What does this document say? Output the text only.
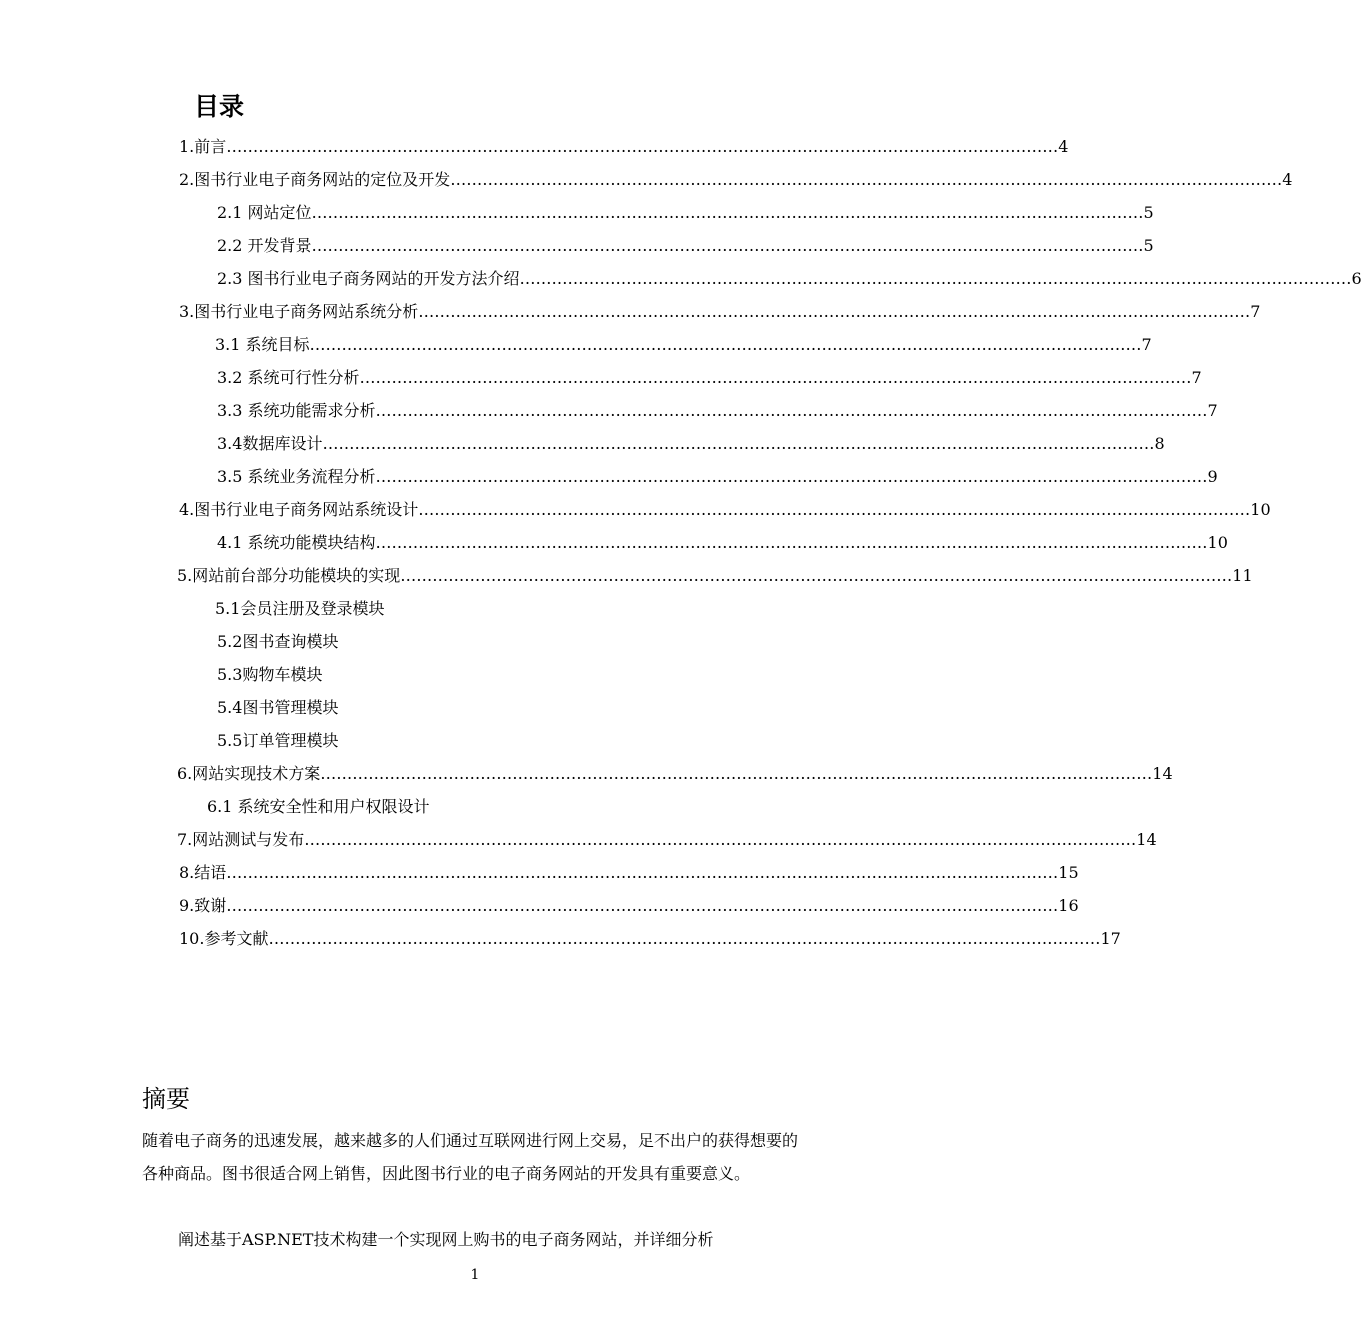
目录
1.前言 ………………………………………………………………………………………………………………………………………… 4
2.图书行业电子商务网站的定位及开发 ………………………………………………………………………………………………………………………………………… 4
2.1 网站定位 ………………………………………………………………………………………………………………………………………… 5
2.2 开发背景 ………………………………………………………………………………………………………………………………………… 5
2.3 图书行业电子商务网站的开发方法介绍 ………………………………………………………………………………………………………………………………………… 6
3.图书行业电子商务网站系统分析 ………………………………………………………………………………………………………………………………………… 7
3.1 系统目标 ………………………………………………………………………………………………………………………………………… 7
3.2 系统可行性分析 ………………………………………………………………………………………………………………………………………… 7
3.3 系统功能需求分析 ………………………………………………………………………………………………………………………………………… 7
3.4数据库设计 ………………………………………………………………………………………………………………………………………… 8
3.5 系统业务流程分析 ………………………………………………………………………………………………………………………………………… 9
4.图书行业电子商务网站系统设计 ………………………………………………………………………………………………………………………………………… 10
4.1 系统功能模块结构 ………………………………………………………………………………………………………………………………………… 10
5.网站前台部分功能模块的实现 ………………………………………………………………………………………………………………………………………… 11
5.1会员注册及登录模块
5.2图书查询模块
5.3购物车模块
5.4图书管理模块
5.5订单管理模块
6.网站实现技术方案 ………………………………………………………………………………………………………………………………………… 14
6.1 系统安全性和用户权限设计
7.网站测试与发布 ………………………………………………………………………………………………………………………………………… 14
8.结语 ………………………………………………………………………………………………………………………………………… 15
9.致谢 ………………………………………………………………………………………………………………………………………… 16
10.参考文献 ………………………………………………………………………………………………………………………………………… 17
摘要

随着电子商务的迅速发展，越来越多的人们通过互联网进行网上交易，足不出户的获得想要的各种商品。图书很适合网上销售，因此图书行业的电子商务网站的开发具有重要意义。

阐述基于ASP.NET技术构建一个实现网上购书的电子商务网站，并详细分析

1
